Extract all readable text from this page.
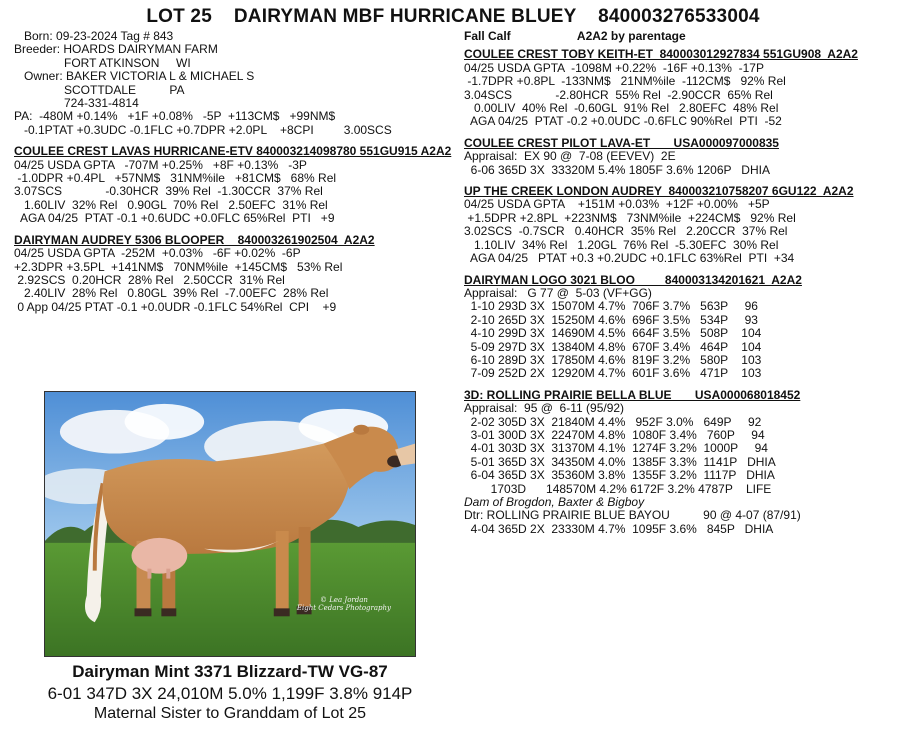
LOT 25    DAIRYMAN MBF HURRICANE BLUEY    840003276533004
Born: 09-23-2024 Tag # 843
Breeder: HOARDS DAIRYMAN FARM
FORT ATKINSON     WI
Owner: BAKER VICTORIA L & MICHAEL S
SCOTTDALE          PA
724-331-4814
PA:  -480M +0.14%   +1F +0.08%   -5P  +113CM$   +99NM$
-0.1PTAT +0.3UDC -0.1FLC +0.7DPR +2.0PL    +8CPI         3.00SCS
COULEE CREST LAVAS HURRICANE-ETV 840003214098780 551GU915 A2A2
04/25 USDA GPTA   -707M +0.25%   +8F +0.13%   -3P
-1.0DPR +0.4PL   +57NM$   31NM%ile   +81CM$   68% Rel
3.07SCS             -0.30HCR  39% Rel  -1.30CCR  37% Rel
1.60LIV  32% Rel   0.90GL  70% Rel   2.50EFC  31% Rel
AGA 04/25  PTAT -0.1 +0.6UDC +0.0FLC 65%Rel  PTI   +9
DAIRYMAN AUDREY 5306 BLOOPER    840003261902504  A2A2
04/25 USDA GPTA  -252M  +0.03%   -6F +0.02%  -6P
+2.3DPR +3.5PL  +141NM$   70NM%ile  +145CM$   53% Rel
2.92SCS  0.20HCR  28% Rel   2.50CCR  31% Rel
2.40LIV  28% Rel   0.80GL  39% Rel  -7.00EFC  28% Rel
0 App 04/25 PTAT -0.1 +0.0UDR -0.1FLC 54%Rel  CPI    +9
Fall Calf	A2A2 by parentage
COULEE CREST TOBY KEITH-ET  840003012927834 551GU908  A2A2
04/25 USDA GPTA  -1098M +0.22%  -16F +0.13%  -17P
-1.7DPR +0.8PL  -133NM$   21NM%ile  -112CM$   92% Rel
3.04SCS             -2.80HCR  55% Rel  -2.90CCR  65% Rel
0.00LIV  40% Rel  -0.60GL  91% Rel   2.80EFC  48% Rel
AGA 04/25  PTAT -0.2 +0.0UDC -0.6FLC 90%Rel  PTI  -52
COULEE CREST PILOT LAVA-ET       USA000097000835
Appraisal:  EX 90 @  7-08 (EEVEV)  2E
6-06 365D 3X  33320M 5.4% 1805F 3.6% 1206P   DHIA
UP THE CREEK LONDON AUDREY  840003210758207 6GU122  A2A2
04/25 USDA GPTA    +151M +0.03%  +12F +0.00%   +5P
+1.5DPR +2.8PL  +223NM$   73NM%ile  +224CM$   92% Rel
3.02SCS  -0.7SCR   0.40HCR  35% Rel   2.20CCR  37% Rel
1.10LIV  34% Rel   1.20GL  76% Rel  -5.30EFC  30% Rel
AGA 04/25   PTAT +0.3 +0.2UDC +0.1FLC 63%Rel  PTI  +34
DAIRYMAN LOGO 3021 BLOO         840003134201621  A2A2
Appraisal:   G 77 @  5-03 (VF+GG)
1-10 293D 3X  15070M 4.7%  706F 3.7%   563P     96
2-10 265D 3X  15250M 4.6%  696F 3.5%   534P     93
4-10 299D 3X  14690M 4.5%  664F 3.5%   508P    104
5-09 297D 3X  13840M 4.8%  670F 3.4%   464P    104
6-10 289D 3X  17850M 4.6%  819F 3.2%   580P    103
7-09 252D 2X  12920M 4.7%  601F 3.6%   471P    103
3D: ROLLING PRAIRIE BELLA BLUE       USA000068018452
Appraisal:  95 @  6-11 (95/92)
2-02 305D 3X  21840M 4.4%   952F 3.0%   649P     92
3-01 300D 3X  22470M 4.8%  1080F 3.4%   760P     94
4-01 303D 3X  31370M 4.1%  1274F 3.2%  1000P     94
5-01 365D 3X  34350M 4.0%  1385F 3.3%  1141P   DHIA
6-04 365D 3X  35360M 3.8%  1355F 3.2%  1117P   DHIA
1703D      148570M 4.2% 6172F 3.2% 4787P    LIFE
Dam of Brogdon, Baxter & Bigboy
Dtr: ROLLING PRAIRIE BLUE BAYOU          90 @ 4-07 (87/91)
4-04 365D 2X  23330M 4.7%  1095F 3.6%   845P   DHIA
© Lea Jordan
Eight Cedars Photography
Dairyman Mint 3371 Blizzard-TW VG-87
6-01 347D 3X 24,010M 5.0% 1,199F 3.8% 914P
Maternal Sister to Granddam of Lot 25
